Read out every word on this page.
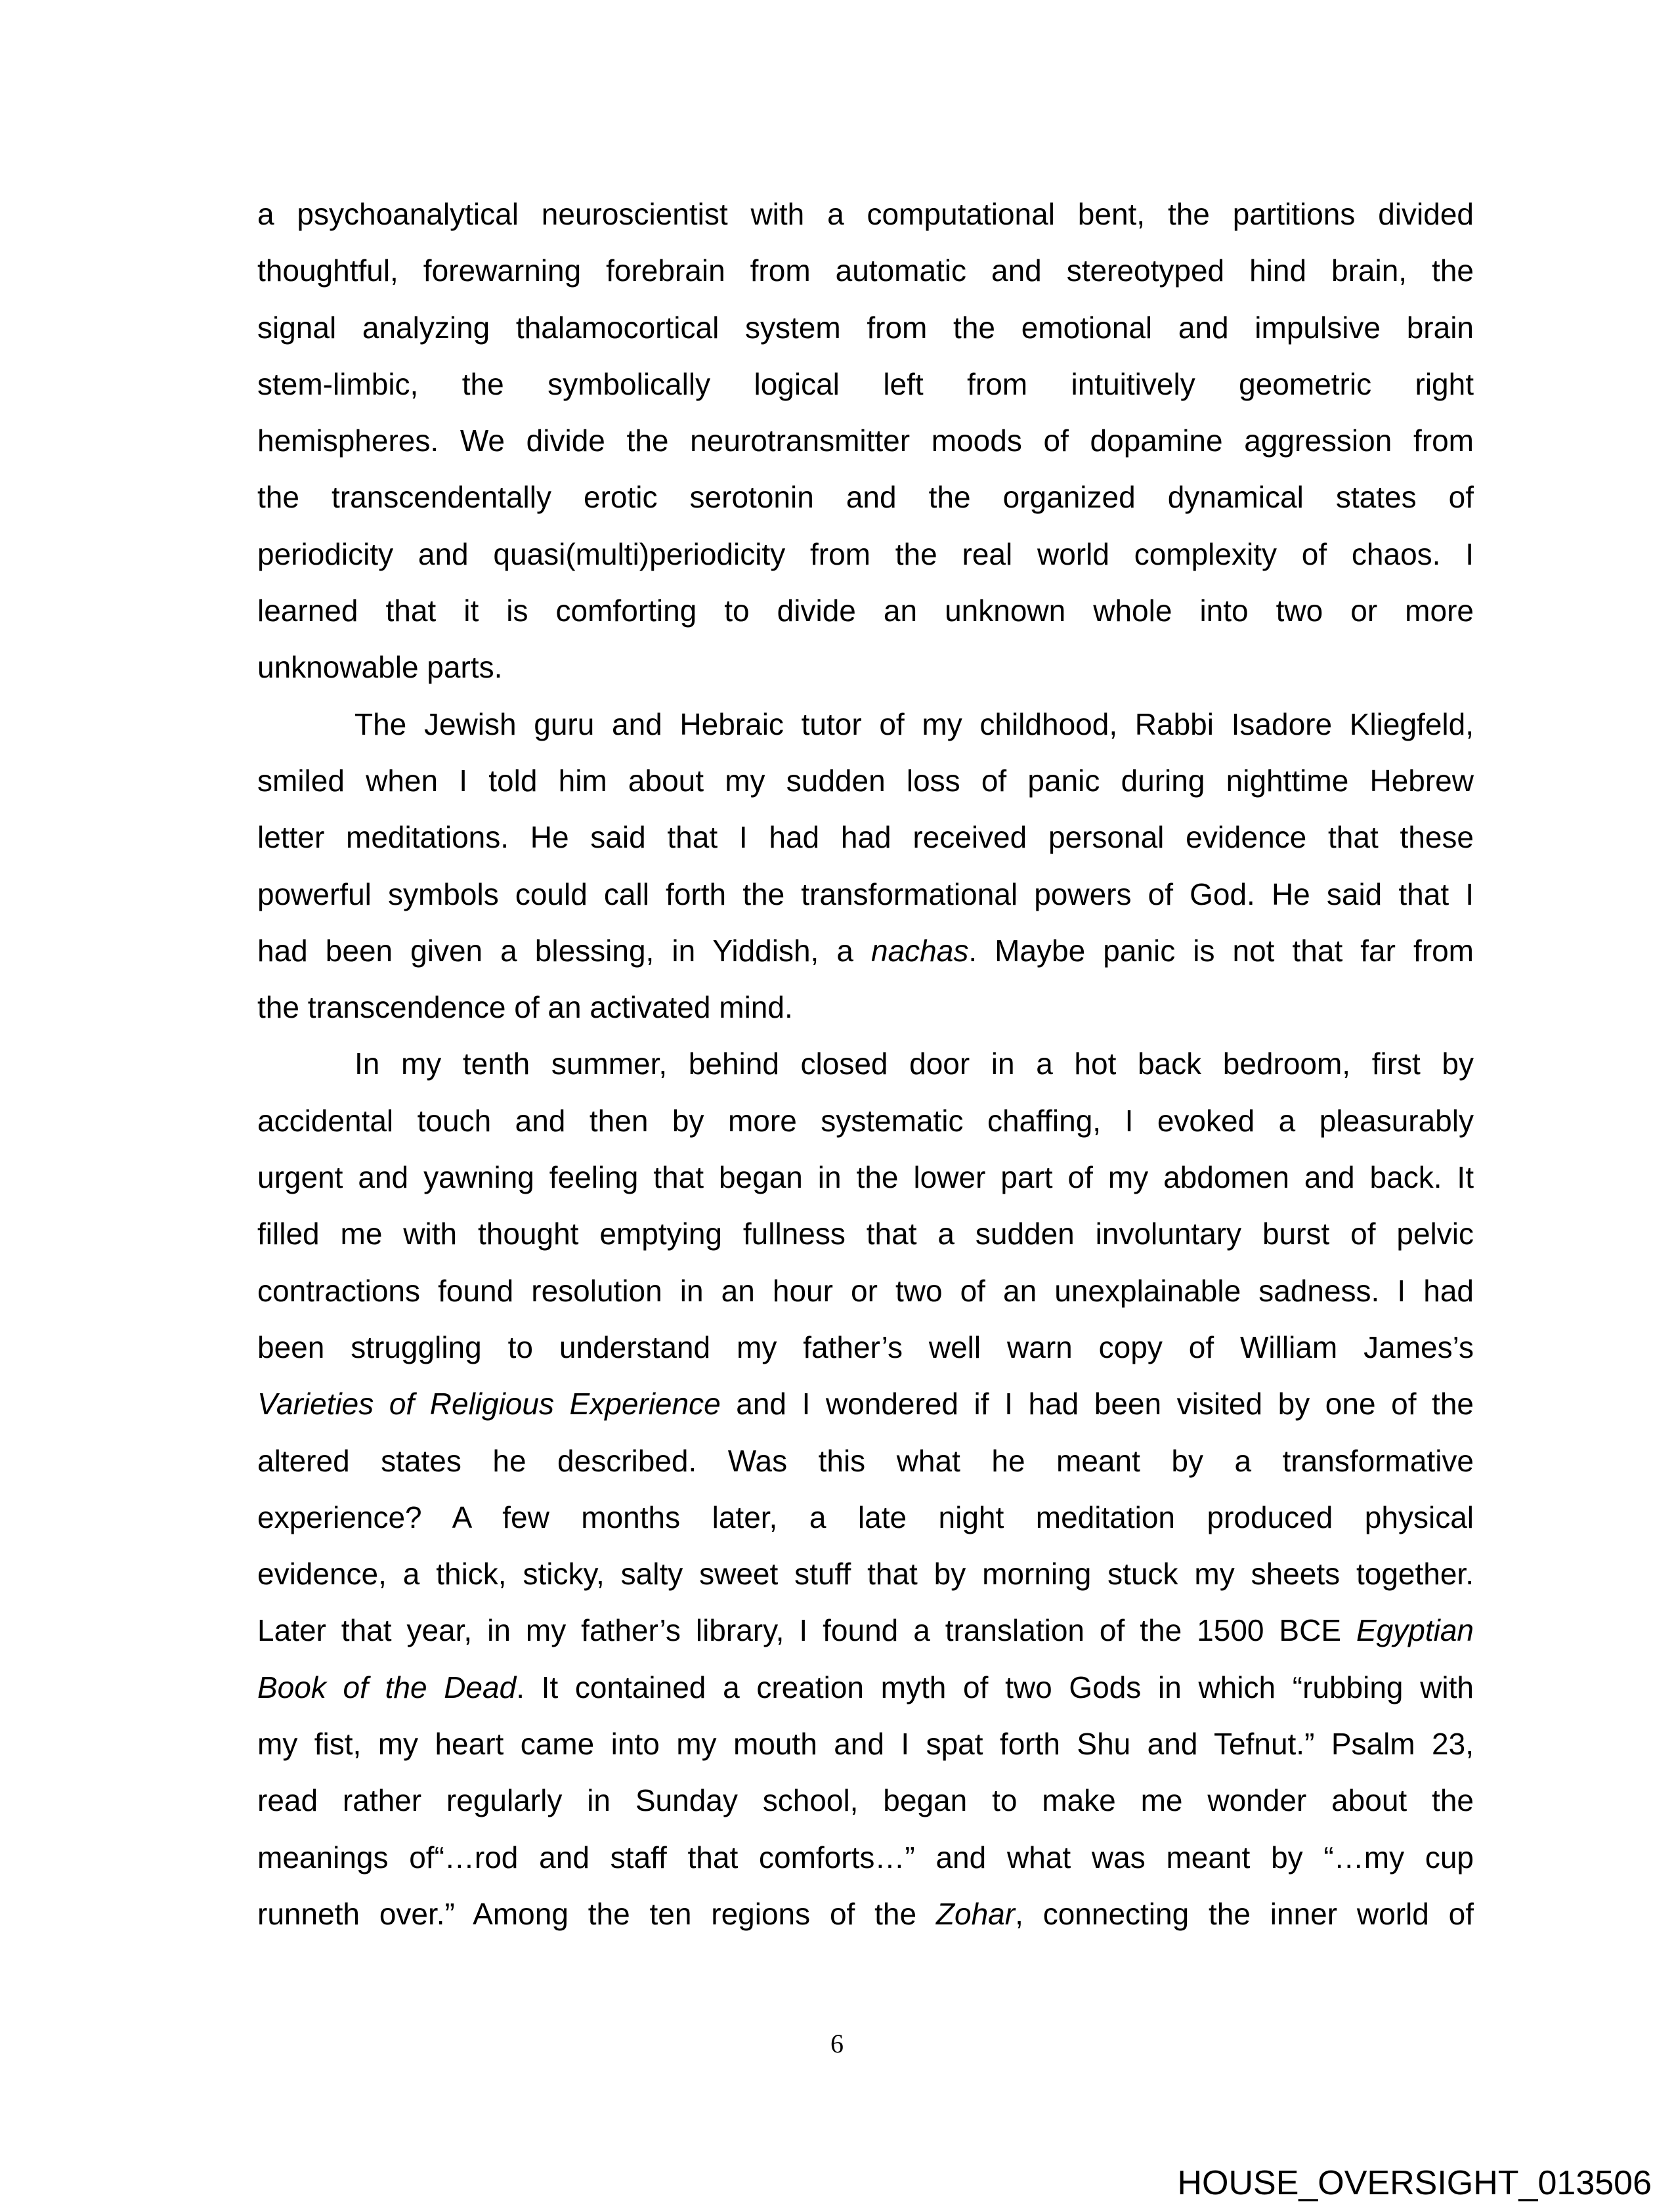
a psychoanalytical neuroscientist with a computational bent, the partitions divided
thoughtful, forewarning forebrain from automatic and stereotyped hind brain, the
signal analyzing thalamocortical system from the emotional and impulsive brain
stem-limbic, the symbolically logical left from intuitively geometric right
hemispheres. We divide the neurotransmitter moods of dopamine aggression from
the transcendentally erotic serotonin and the organized dynamical states of
periodicity and quasi(multi)periodicity from the real world complexity of chaos. I
learned that it is comforting to divide an unknown whole into two or more
unknowable parts.
The Jewish guru and Hebraic tutor of my childhood, Rabbi Isadore Kliegfeld,
smiled when I told him about my sudden loss of panic during nighttime Hebrew
letter meditations. He said that I had had received personal evidence that these
powerful symbols could call forth the transformational powers of God. He said that I
had been given a blessing, in Yiddish, a nachas. Maybe panic is not that far from
the transcendence of an activated mind.
In my tenth summer, behind closed door in a hot back bedroom, first by
accidental touch and then by more systematic chaffing, I evoked a pleasurably
urgent and yawning feeling that began in the lower part of my abdomen and back. It
filled me with thought emptying fullness that a sudden involuntary burst of pelvic
contractions found resolution in an hour or two of an unexplainable sadness. I had
been struggling to understand my father’s well warn copy of William James’s
Varieties of Religious Experience and I wondered if I had been visited by one of the
altered states he described. Was this what he meant by a transformative
experience? A few months later, a late night meditation produced physical
evidence, a thick, sticky, salty sweet stuff that by morning stuck my sheets together.
Later that year, in my father’s library, I found a translation of the 1500 BCE Egyptian
Book of the Dead. It contained a creation myth of two Gods in which “rubbing with
my fist, my heart came into my mouth and I spat forth Shu and Tefnut.” Psalm 23,
read rather regularly in Sunday school, began to make me wonder about the
meanings of“…rod and staff that comforts…” and what was meant by “…my cup
runneth over.” Among the ten regions of the Zohar, connecting the inner world of
6
HOUSE_OVERSIGHT_013506
